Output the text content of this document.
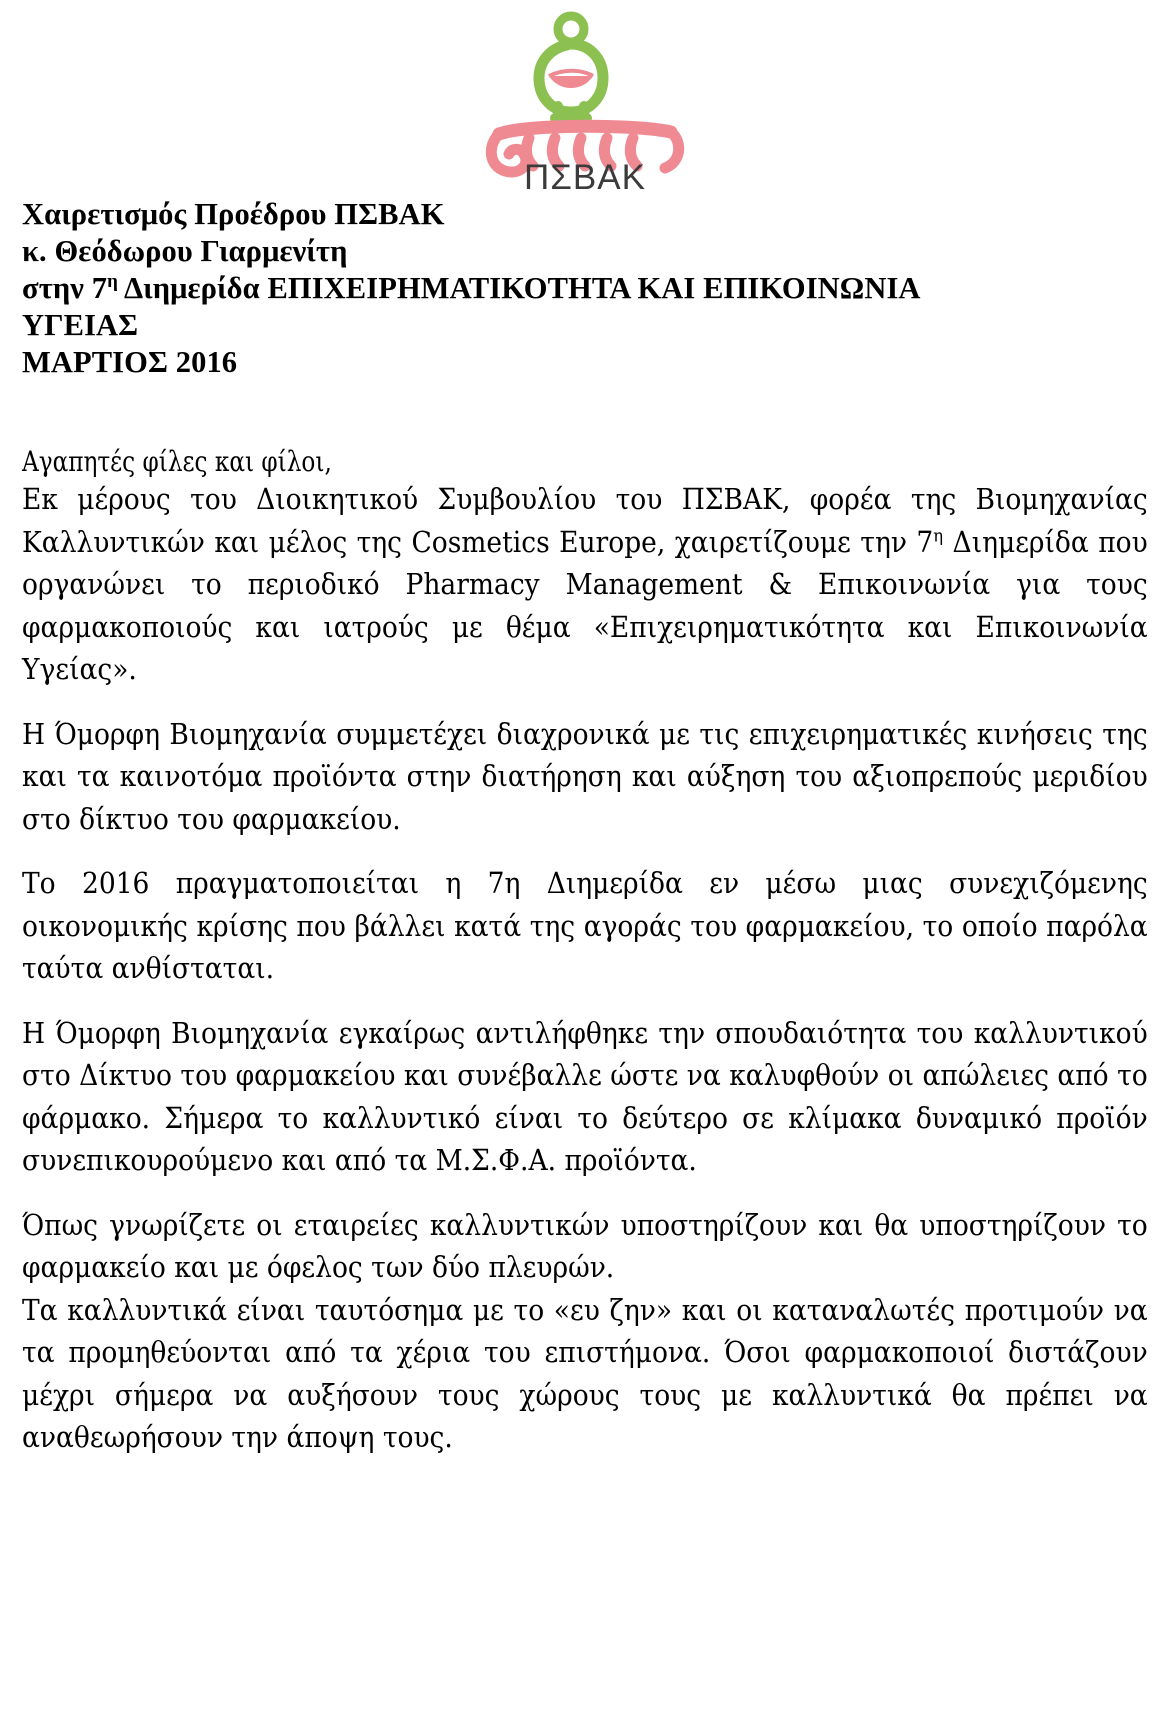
ΠΣΒΑΚ
Χαιρετισμός Προέδρου ΠΣΒΑΚ
κ. Θεόδωρου Γιαρμενίτη
στην $7^\eta$ Διημερίδα ΕΠΙΧΕΙΡΗΜΑΤΙΚΟΤΗΤΑ ΚΑΙ ΕΠΙΚΟΙΝΩΝΙΑ
ΥΓΕΙΑΣ
ΜΑΡΤΙΟΣ 2016
Αγαπητές φίλες και φίλοι,

Εκ μέρους του Διοικητικού Συμβουλίου του ΠΣΒΑΚ, φορέα της Βιομηχανίας Καλλυντικών και μέλος της Cosmetics Europe, χαιρετίζουμε την $7^\eta$ Διημερίδα που οργανώνει το περιοδικό Pharmacy Management & Επικοινωνία για τους φαρμακοποιούς και ιατρούς με θέμα «Επιχειρηματικότητα και Επικοινωνία Υγείας».

Η Όμορφη Βιομηχανία συμμετέχει διαχρονικά με τις επιχειρηματικές κινήσεις της και τα καινοτόμα προϊόντα στην διατήρηση και αύξηση του αξιοπρεπούς μεριδίου στο δίκτυο του φαρμακείου.

Το 2016 πραγματοποιείται η 7η Διημερίδα εν μέσω μιας συνεχιζόμενης οικονομικής κρίσης που βάλλει κατά της αγοράς του φαρμακείου, το οποίο παρόλα ταύτα ανθίσταται.

Η Όμορφη Βιομηχανία εγκαίρως αντιλήφθηκε την σπουδαιότητα του καλλυντικού στο Δίκτυο του φαρμακείου και συνέβαλλε ώστε να καλυφθούν οι απώλειες από το φάρμακο. Σήμερα το καλλυντικό είναι το δεύτερο σε κλίμακα δυναμικό προϊόν συνεπικουρούμενο και από τα Μ.Σ.Φ.Α. προϊόντα.

Όπως γνωρίζετε οι εταιρείες καλλυντικών υποστηρίζουν και θα υποστηρίζουν το φαρμακείο και με όφελος των δύο πλευρών.

Τα καλλυντικά είναι ταυτόσημα με το «ευ ζην» και οι καταναλωτές προτιμούν να τα προμηθεύονται από τα χέρια του επιστήμονα. Όσοι φαρμακοποιοί διστάζουν μέχρι σήμερα να αυξήσουν τους χώρους τους με καλλυντικά θα πρέπει να αναθεωρήσουν την άποψη τους.
